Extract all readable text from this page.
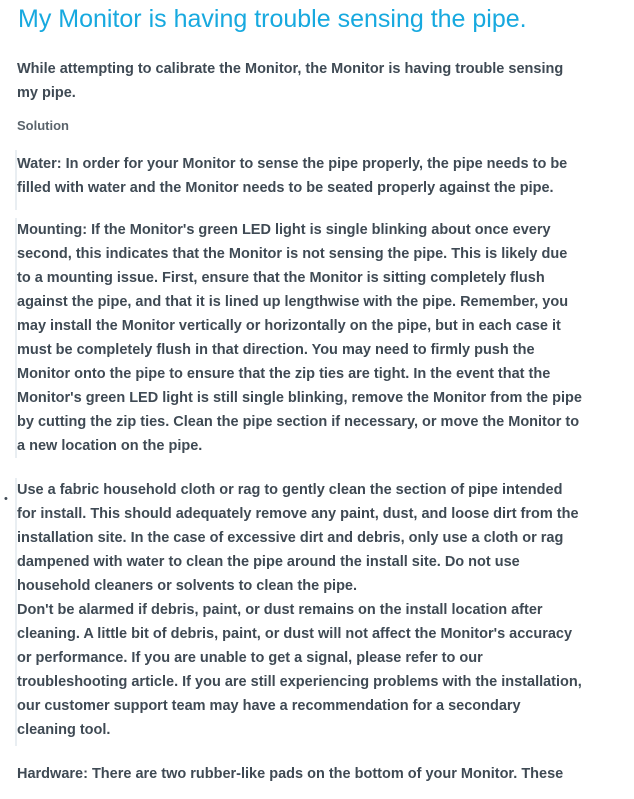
My Monitor is having trouble sensing the pipe.

While attempting to calibrate the Monitor, the Monitor is having trouble sensing my pipe.

Solution

Water: In order for your Monitor to sense the pipe properly, the pipe needs to be filled with water and the Monitor needs to be seated properly against the pipe.

Mounting: If the Monitor's green LED light is single blinking about once every second, this indicates that the Monitor is not sensing the pipe. This is likely due to a mounting issue. First, ensure that the Monitor is sitting completely flush against the pipe, and that it is lined up lengthwise with the pipe. Remember, you may install the Monitor vertically or horizontally on the pipe, but in each case it must be completely flush in that direction. You may need to firmly push the Monitor onto the pipe to ensure that the zip ties are tight. In the event that the Monitor's green LED light is still single blinking, remove the Monitor from the pipe by cutting the zip ties. Clean the pipe section if necessary, or move the Monitor to a new location on the pipe.

•

Use a fabric household cloth or rag to gently clean the section of pipe intended for install. This should adequately remove any paint, dust, and loose dirt from the installation site. In the case of excessive dirt and debris, only use a cloth or rag dampened with water to clean the pipe around the install site. Do not use household cleaners or solvents to clean the pipe.

Don't be alarmed if debris, paint, or dust remains on the install location after cleaning. A little bit of debris, paint, or dust will not affect the Monitor's accuracy or performance. If you are unable to get a signal, please refer to our troubleshooting article. If you are still experiencing problems with the installation, our customer support team may have a recommendation for a secondary cleaning tool.

Hardware: There are two rubber-like pads on the bottom of your Monitor. These
